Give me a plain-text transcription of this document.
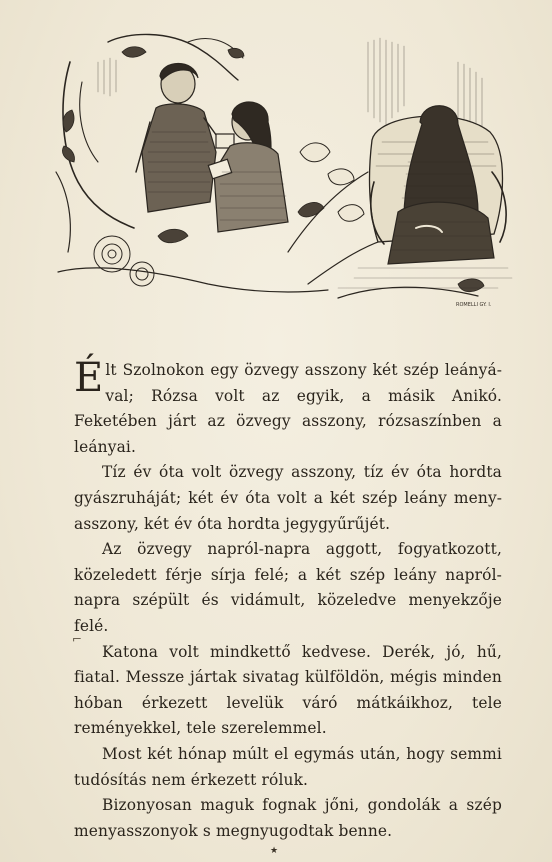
ROMELLI GY. I.
⌐

Élt Szolnokon egy özvegy asszony két szép leányával; Rózsa volt az egyik, a másik Anikó. Feketében járt az özvegy asszony, rózsaszínben a leányai.

Tíz év óta volt özvegy asszony, tíz év óta hordta gyászruháját; két év óta volt a két szép leány menyasszony, két év óta hordta jegygyűrűjét.

Az özvegy napról-napra aggott, fogyatkozott, közeledett férje sírja felé; a két szép leány napról-napra szépült és vidámult, közeledve menyekzője felé.

Katona volt mindkettő kedvese. Derék, jó, hű, fiatal. Messze jártak sivatag külföldön, mégis minden hóban érkezett levelük váró mátkáikhoz, tele reményekkel, tele szerelemmel.

Most két hónap múlt el egymás után, hogy semmi tudósítás nem érkezett róluk.

Bizonyosan maguk fognak jőni, gondolák a szép menyasszonyok s megnyugodtak benne.

★
